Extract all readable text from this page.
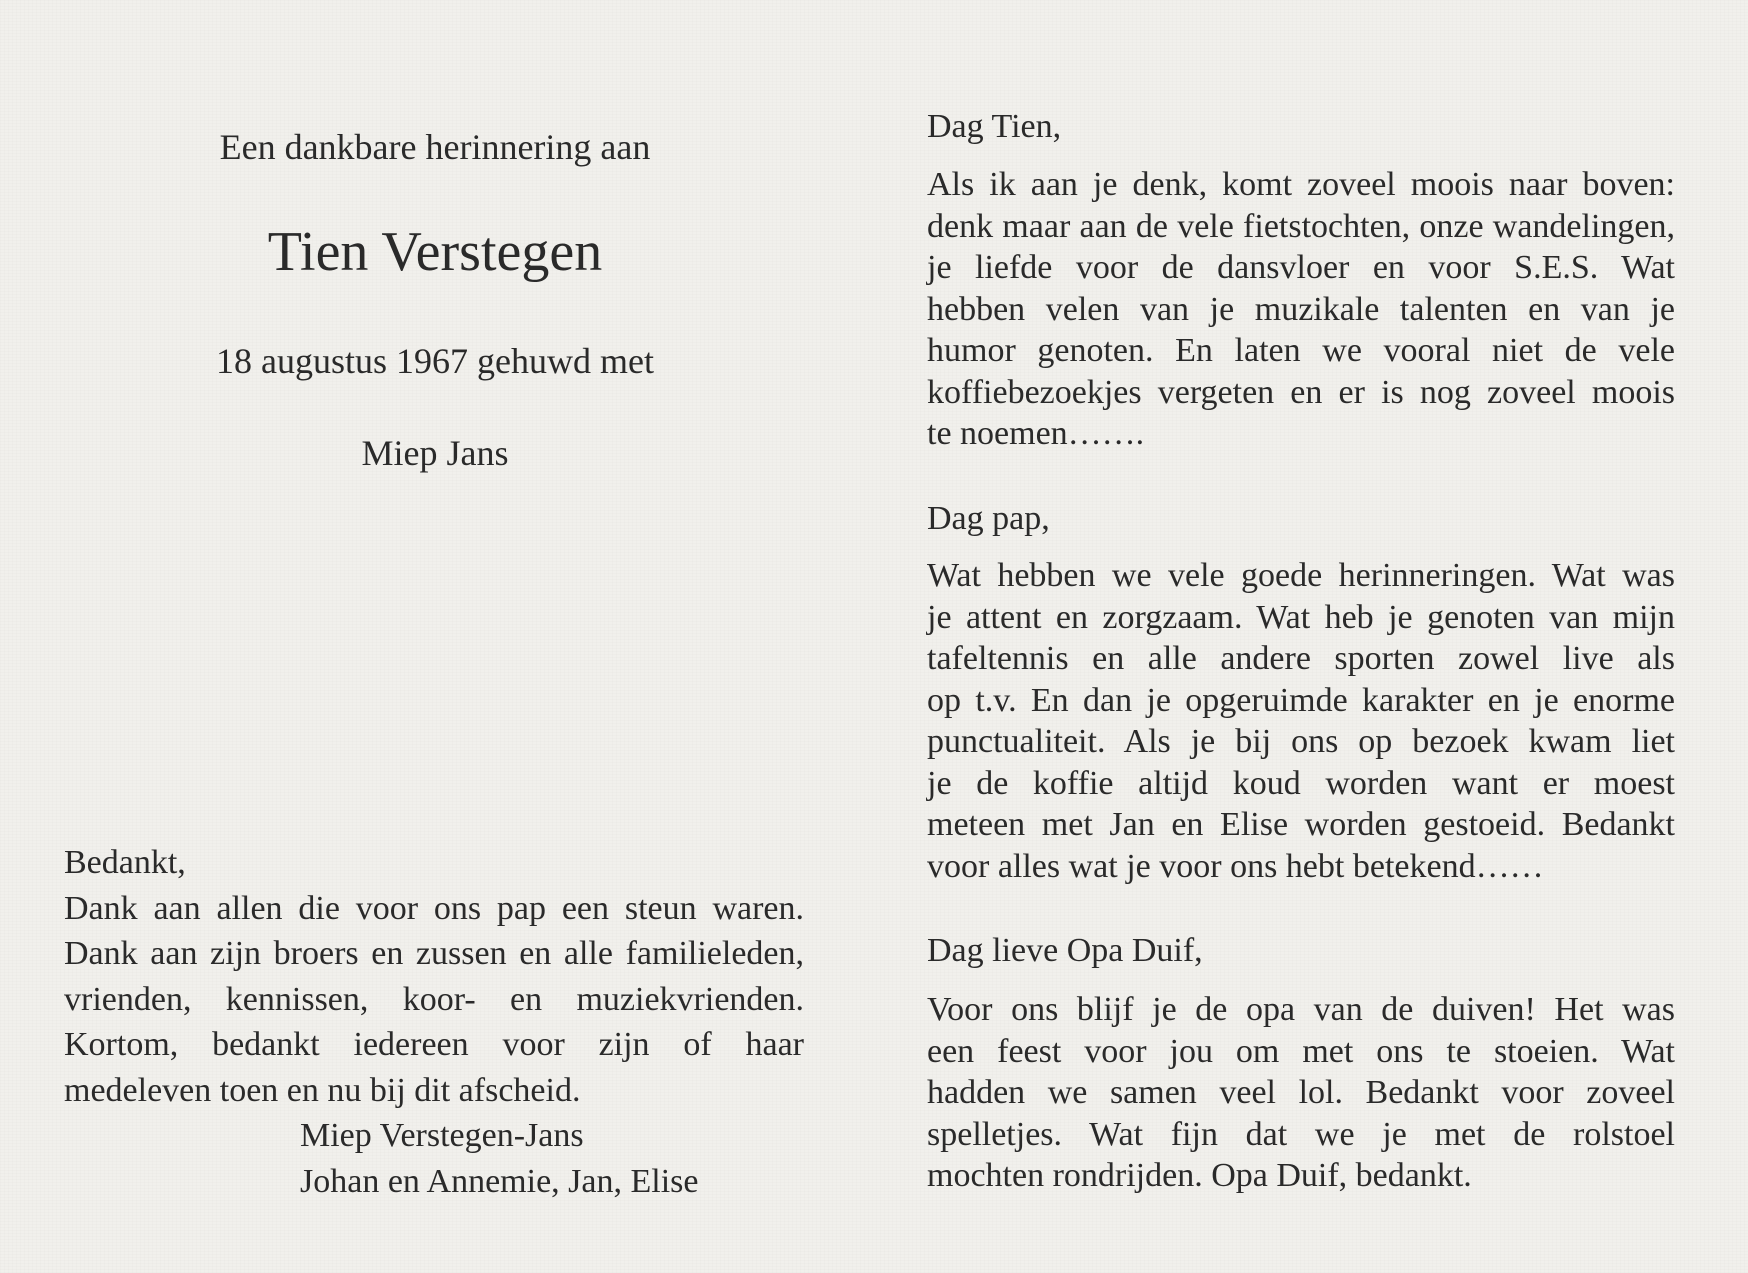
Een dankbare herinnering aan
Tien Verstegen
18 augustus 1967 gehuwd met
Miep Jans

Bedankt,

Dank aan allen die voor ons pap een steun waren.

Dank aan zijn broers en zussen en alle familieleden,

vrienden, kennissen, koor- en muziekvrienden.

Kortom, bedankt iedereen voor zijn of haar

medeleven toen en nu bij dit afscheid.

Miep Verstegen-Jans

Johan en Annemie, Jan, Elise

Dag Tien,

Als ik aan je denk, komt zoveel moois naar boven:

denk maar aan de vele fietstochten, onze wandelingen,

je liefde voor de dansvloer en voor S.E.S. Wat

hebben velen van je muzikale talenten en van je

humor genoten. En laten we vooral niet de vele

koffiebezoekjes vergeten en er is nog zoveel moois

te noemen…….

Dag pap,

Wat hebben we vele goede herinneringen. Wat was

je attent en zorgzaam. Wat heb je genoten van mijn

tafeltennis en alle andere sporten zowel live als

op t.v. En dan je opgeruimde karakter en je enorme

punctualiteit. Als je bij ons op bezoek kwam liet

je de koffie altijd koud worden want er moest

meteen met Jan en Elise worden gestoeid. Bedankt

voor alles wat je voor ons hebt betekend……

Dag lieve Opa Duif,

Voor ons blijf je de opa van de duiven! Het was

een feest voor jou om met ons te stoeien. Wat

hadden we samen veel lol. Bedankt voor zoveel

spelletjes. Wat fijn dat we je met de rolstoel

mochten rondrijden. Opa Duif, bedankt.
